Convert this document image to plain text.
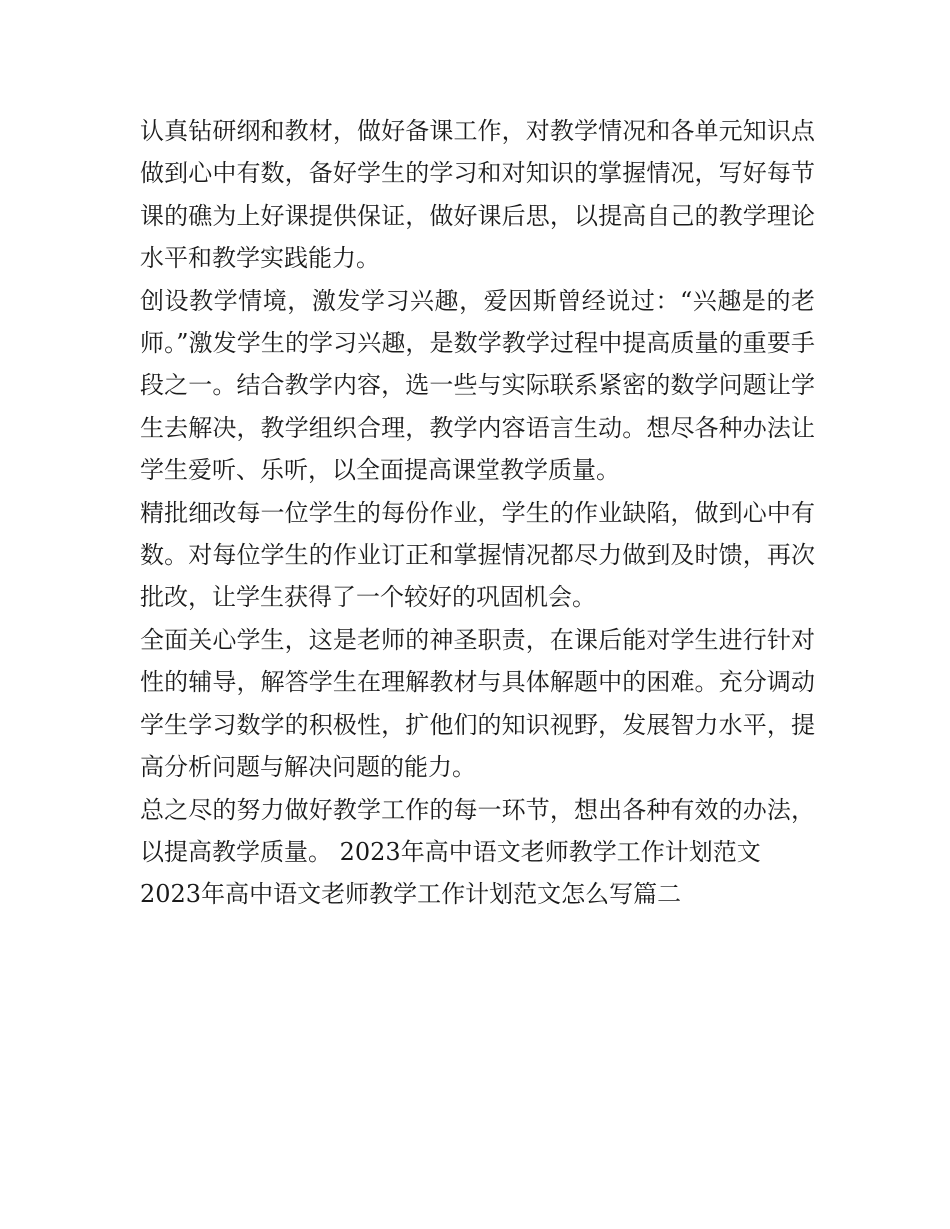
认真钻研纲和教材，做好备课工作，对教学情况和各单元知识点做到心中有数，备好学生的学习和对知识的掌握情况，写好每节课的礁为上好课提供保证，做好课后思，以提高自己的教学理论水平和教学实践能力。

创设教学情境，激发学习兴趣，爱因斯曾经说过：“兴趣是的老师。”激发学生的学习兴趣，是数学教学过程中提高质量的重要手段之一。结合教学内容，选一些与实际联系紧密的数学问题让学生去解决，教学组织合理，教学内容语言生动。想尽各种办法让学生爱听、乐听，以全面提高课堂教学质量。

精批细改每一位学生的每份作业，学生的作业缺陷，做到心中有数。对每位学生的作业订正和掌握情况都尽力做到及时馈，再次批改，让学生获得了一个较好的巩固机会。

全面关心学生，这是老师的神圣职责，在课后能对学生进行针对性的辅导，解答学生在理解教材与具体解题中的困难。充分调动学生学习数学的积极性，扩他们的知识视野，发展智力水平，提高分析问题与解决问题的能力。

总之尽的努力做好教学工作的每一环节，想出各种有效的办法，以提高教学质量。 2023年高中语文老师教学工作计划范文

2023年高中语文老师教学工作计划范文怎么写篇二
